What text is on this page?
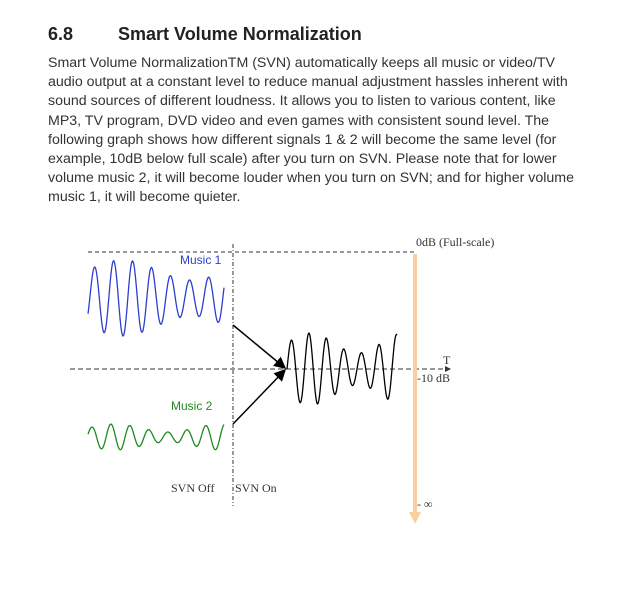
6.8 Smart Volume Normalization

Smart Volume NormalizationTM (SVN) automatically keeps all music or video/TV audio output at a constant level to reduce manual adjustment hassles inherent with sound sources of different loudness. It allows you to listen to various content, like MP3, TV program, DVD video and even games with consistent sound level. The following graph shows how different signals 1 & 2 will become the same level (for example, 10dB below full scale) after you turn on SVN. Please note that for lower volume music 2, it will become louder when you turn on SVN; and for higher volume music 1, it will become quieter.

Music 1
Music 2
0dB (Full-scale)
T
-10 dB
- ∞
SVN Off SVN On
